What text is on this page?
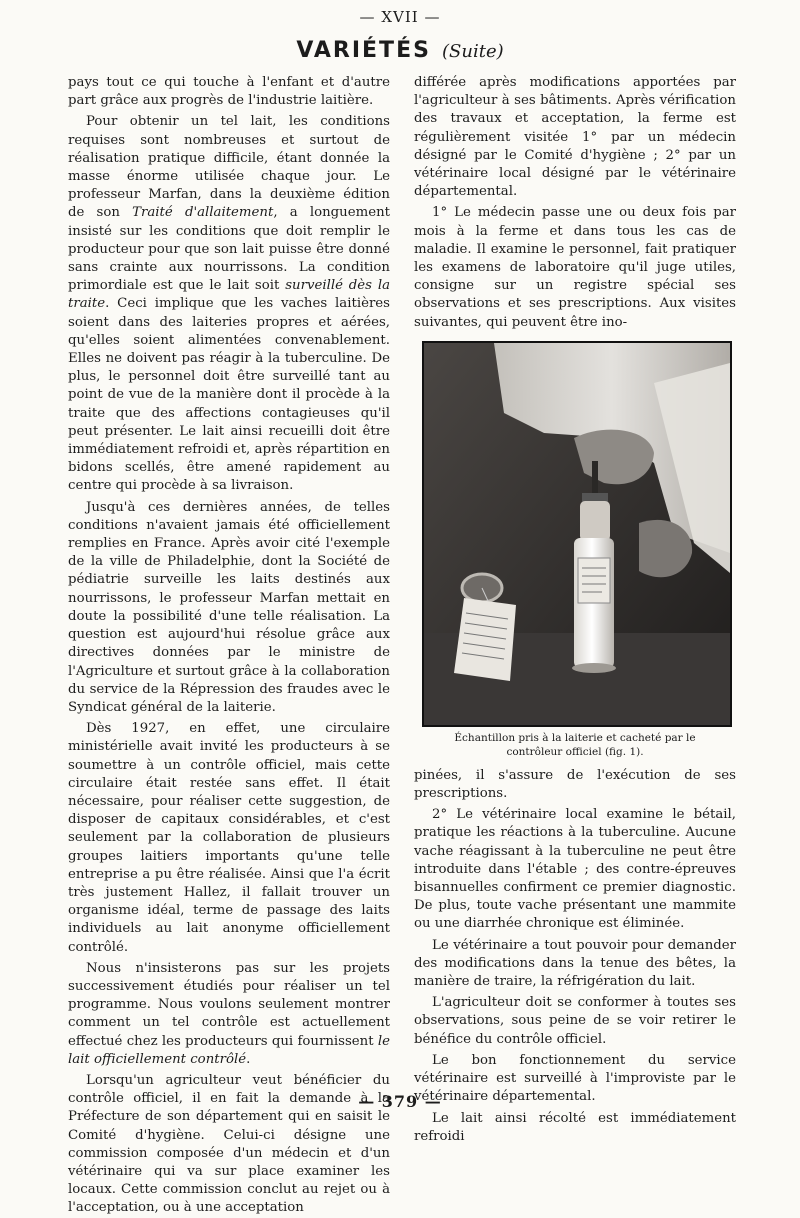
— XVII —
VARIÉTÉS (Suite)

pays tout ce qui touche à l'enfant et d'autre part grâce aux progrès de l'industrie laitière.

Pour obtenir un tel lait, les conditions requises sont nombreuses et surtout de réalisation pratique difficile, étant donnée la masse énorme utilisée chaque jour. Le professeur Marfan, dans la deuxième édition de son Traité d'allaitement, a longuement insisté sur les conditions que doit remplir le producteur pour que son lait puisse être donné sans crainte aux nourrissons. La condition primordiale est que le lait soit surveillé dès la traite. Ceci implique que les vaches laitières soient dans des laiteries propres et aérées, qu'elles soient alimentées convenablement. Elles ne doivent pas réagir à la tuberculine. De plus, le personnel doit être surveillé tant au point de vue de la manière dont il procède à la traite que des affections contagieuses qu'il peut présenter. Le lait ainsi recueilli doit être immédiatement refroidi et, après répartition en bidons scellés, être amené rapidement au centre qui procède à sa livraison.

Jusqu'à ces dernières années, de telles conditions n'avaient jamais été officiellement remplies en France. Après avoir cité l'exemple de la ville de Philadelphie, dont la Société de pédiatrie surveille les laits destinés aux nourrissons, le professeur Marfan mettait en doute la possibilité d'une telle réalisation. La question est aujourd'hui résolue grâce aux directives données par le ministre de l'Agriculture et surtout grâce à la collaboration du service de la Répression des fraudes avec le Syndicat général de la laiterie.

Dès 1927, en effet, une circulaire ministérielle avait invité les producteurs à se soumettre à un contrôle officiel, mais cette circulaire était restée sans effet. Il était nécessaire, pour réaliser cette suggestion, de disposer de capitaux considérables, et c'est seulement par la collaboration de plusieurs groupes laitiers importants qu'une telle entreprise a pu être réalisée. Ainsi que l'a écrit très justement Hallez, il fallait trouver un organisme idéal, terme de passage des laits individuels au lait anonyme officiellement contrôlé.

Nous n'insisterons pas sur les projets successivement étudiés pour réaliser un tel programme. Nous voulons seulement montrer comment un tel contrôle est actuellement effectué chez les producteurs qui fournissent le lait officiellement contrôlé.

Lorsqu'un agriculteur veut bénéficier du contrôle officiel, il en fait la demande à la Préfecture de son département qui en saisit le Comité d'hygiène. Celui-ci désigne une commission composée d'un médecin et d'un vétérinaire qui va sur place examiner les locaux. Cette commission conclut au rejet ou à l'acceptation, ou à une acceptation

différée après modifications apportées par l'agriculteur à ses bâtiments. Après vérification des travaux et acceptation, la ferme est régulièrement visitée 1° par un médecin désigné par le Comité d'hygiène ; 2° par un vétérinaire local désigné par le vétérinaire départemental.

1° Le médecin passe une ou deux fois par mois à la ferme et dans tous les cas de maladie. Il examine le personnel, fait pratiquer les examens de laboratoire qu'il juge utiles, consigne sur un registre spécial ses observations et ses prescriptions. Aux visites suivantes, qui peuvent être ino-

Échantillon pris à la laiterie et cacheté par le contrôleur officiel (fig. 1).

pinées, il s'assure de l'exécution de ses prescriptions.

2° Le vétérinaire local examine le bétail, pratique les réactions à la tuberculine. Aucune vache réagissant à la tuberculine ne peut être introduite dans l'étable ; des contre-épreuves bisannuelles confirment ce premier diagnostic. De plus, toute vache présentant une mammite ou une diarrhée chronique est éliminée.

Le vétérinaire a tout pouvoir pour demander des modifications dans la tenue des bêtes, la manière de traire, la réfrigération du lait.

L'agriculteur doit se conformer à toutes ses observations, sous peine de se voir retirer le bénéfice du contrôle officiel.

Le bon fonctionnement du service vétérinaire est surveillé à l'improviste par le vétérinaire départemental.

Le lait ainsi récolté est immédiatement refroidi

— 379 —
